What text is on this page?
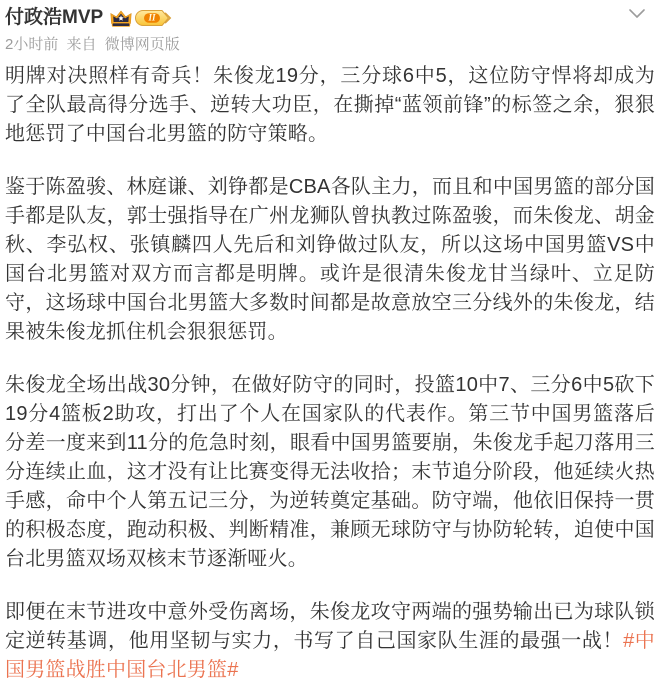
付政浩MVP	II
2小时前 来自 微博网页版

明牌对决照样有奇兵！朱俊龙19分，三分球6中5，这位防守悍将却成为了全队最高得分选手、逆转大功臣，在撕掉“蓝领前锋”的标签之余，狠狠地惩罚了中国台北男篮的防守策略。

鉴于陈盈骏、林庭谦、刘铮都是CBA各队主力，而且和中国男篮的部分国手都是队友，郭士强指导在广州龙狮队曾执教过陈盈骏，而朱俊龙、胡金秋、李弘权、张镇麟四人先后和刘铮做过队友，所以这场中国男篮VS中国台北男篮对双方而言都是明牌。或许是很清朱俊龙甘当绿叶、立足防守，这场球中国台北男篮大多数时间都是故意放空三分线外的朱俊龙，结果被朱俊龙抓住机会狠狠惩罚。

朱俊龙全场出战30分钟，在做好防守的同时，投篮10中7、三分6中5砍下19分4篮板2助攻，打出了个人在国家队的代表作。第三节中国男篮落后分差一度来到11分的危急时刻，眼看中国男篮要崩，朱俊龙手起刀落用三分连续止血，这才没有让比赛变得无法收拾；末节追分阶段，他延续火热手感，命中个人第五记三分，为逆转奠定基础。防守端，他依旧保持一贯的积极态度，跑动积极、判断精准，兼顾无球防守与协防轮转，迫使中国台北男篮双场双核末节逐渐哑火。

即便在末节进攻中意外受伤离场，朱俊龙攻守两端的强势输出已为球队锁定逆转基调，他用坚韧与实力，书写了自己国家队生涯的最强一战！#中国男篮战胜中国台北男篮#
